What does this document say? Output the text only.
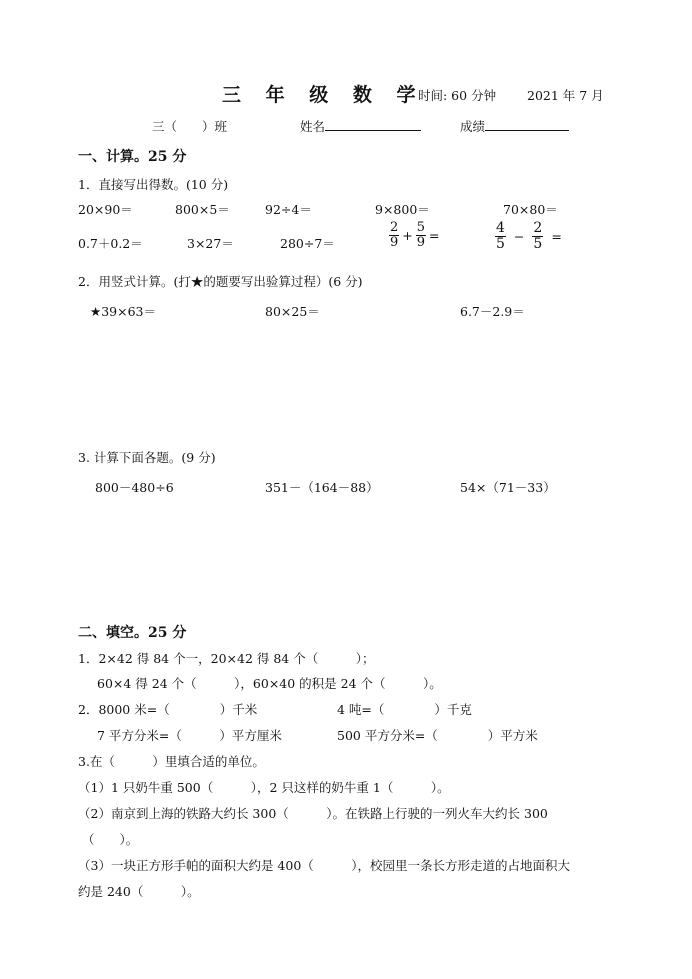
三 年 级 数 学
时间: 60 分钟 2021 年 7 月
三（　　）班	姓名	成绩
一、计算。25 分
1．直接写出得数。(10 分)
20×90＝	800×5＝	92÷4＝	9×800＝	70×80＝
0.7＋0.2＝	3×27＝	280÷7＝	$\frac{2}{9} + \frac{5}{9}$ =	$\frac{4}{5} - \frac{2}{5}$ =
2．用竖式计算。(打★的题要写出验算过程）(6 分)
★39×63＝	80×25＝	6.7－2.9＝
3. 计算下面各题。(9 分)
800－480÷6	351－（164－88）	54×（71－33）
二、填空。25 分
1．2×42 得 84 个一，20×42 得 84 个（　　　）；
60×4 得 24 个（　　　），60×40 的积是 24 个（　　　）。
2．8000 米=（　　　　）千米	4 吨=（　　　　）千克
7 平方分米=（　　　）平方厘米	500 平方分米=（　　　　）平方米
3.在（　　　）里填合适的单位。
（1）1 只奶牛重 500（　　　），2 只这样的奶牛重 1（　　　）。
（2）南京到上海的铁路大约长 300（　　　）。在铁路上行驶的一列火车大约长 300
（　　）。
（3）一块正方形手帕的面积大约是 400（　　　），校园里一条长方形走道的占地面积大
约是 240（　　　）。
